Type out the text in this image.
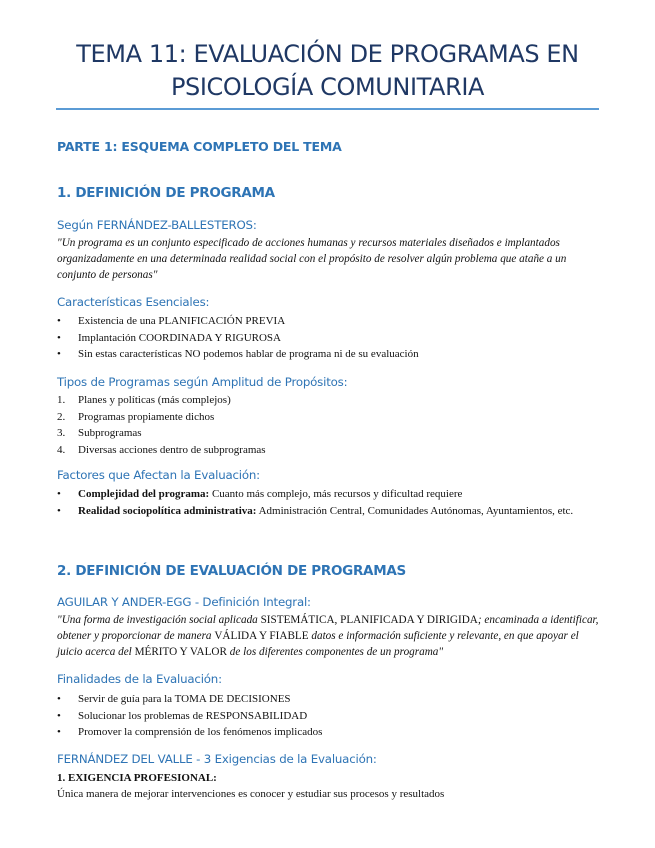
TEMA 11: EVALUACIÓN DE PROGRAMAS EN
PSICOLOGÍA COMUNITARIA
PARTE 1: ESQUEMA COMPLETO DEL TEMA
1. DEFINICIÓN DE PROGRAMA
Según FERNÁNDEZ-BALLESTEROS:

"Un programa es un conjunto especificado de acciones humanas y recursos materiales diseñados e implantados organizadamente en una determinada realidad social con el propósito de resolver algún problema que atañe a un conjunto de personas"

Características Esenciales:
•
Existencia de una PLANIFICACIÓN PREVIA
•
Implantación COORDINADA Y RIGUROSA
•
Sin estas características NO podemos hablar de programa ni de su evaluación
Tipos de Programas según Amplitud de Propósitos:
1.	Planes y políticas (más complejos)
2.	Programas propiamente dichos
3.	Subprogramas
4.	Diversas acciones dentro de subprogramas
Factores que Afectan la Evaluación:
•
Complejidad del programa: Cuanto más complejo, más recursos y dificultad requiere
•
Realidad sociopolítica administrativa: Administración Central, Comunidades Autónomas, Ayuntamientos, etc.
2. DEFINICIÓN DE EVALUACIÓN DE PROGRAMAS
AGUILAR Y ANDER-EGG - Definición Integral:

"Una forma de investigación social aplicada SISTEMÁTICA, PLANIFICADA Y DIRIGIDA; encaminada a identificar, obtener y proporcionar de manera VÁLIDA Y FIABLE datos e información suficiente y relevante, en que apoyar el juicio acerca del MÉRITO Y VALOR de los diferentes componentes de un programa"

Finalidades de la Evaluación:
•
Servir de guía para la TOMA DE DECISIONES
•
Solucionar los problemas de RESPONSABILIDAD
•
Promover la comprensión de los fenómenos implicados
FERNÁNDEZ DEL VALLE - 3 Exigencias de la Evaluación:

1. EXIGENCIA PROFESIONAL:

Única manera de mejorar intervenciones es conocer y estudiar sus procesos y resultados
